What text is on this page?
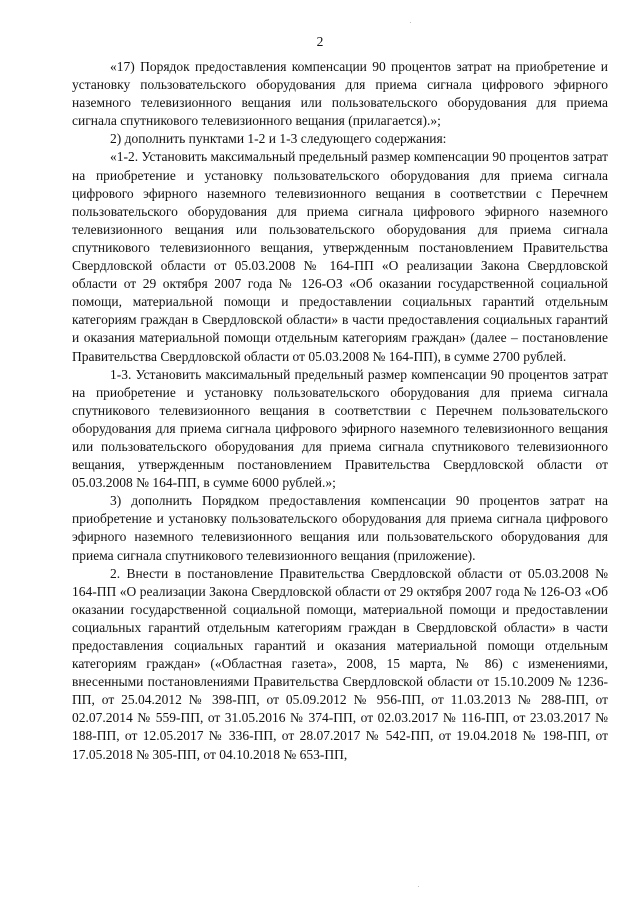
2

«17) Порядок предоставления компенсации 90 процентов затрат на приобретение и установку пользовательского оборудования для приема сигнала цифрового эфирного наземного телевизионного вещания или пользовательского оборудования для приема сигнала спутникового телевизионного вещания (прилагается).»;

2) дополнить пунктами 1-2 и 1-3 следующего содержания:

«1-2. Установить максимальный предельный размер компенсации 90 процентов затрат на приобретение и установку пользовательского оборудования для приема сигнала цифрового эфирного наземного телевизионного вещания в соответствии с Перечнем пользовательского оборудования для приема сигнала цифрового эфирного наземного телевизионного вещания или пользовательского оборудования для приема сигнала спутникового телевизионного вещания, утвержденным постановлением Правительства Свердловской области от 05.03.2008 № 164-ПП «О реализации Закона Свердловской области от 29 октября 2007 года № 126-ОЗ «Об оказании государственной социальной помощи, материальной помощи и предоставлении социальных гарантий отдельным категориям граждан в Свердловской области» в части предоставления социальных гарантий и оказания материальной помощи отдельным категориям граждан» (далее – постановление Правительства Свердловской области от 05.03.2008 № 164-ПП), в сумме 2700 рублей.

1-3. Установить максимальный предельный размер компенсации 90 процентов затрат на приобретение и установку пользовательского оборудования для приема сигнала спутникового телевизионного вещания в соответствии с Перечнем пользовательского оборудования для приема сигнала цифрового эфирного наземного телевизионного вещания или пользовательского оборудования для приема сигнала спутникового телевизионного вещания, утвержденным постановлением Правительства Свердловской области от 05.03.2008 № 164-ПП, в сумме 6000 рублей.»;

3) дополнить Порядком предоставления компенсации 90 процентов затрат на приобретение и установку пользовательского оборудования для приема сигнала цифрового эфирного наземного телевизионного вещания или пользовательского оборудования для приема сигнала спутникового телевизионного вещания (приложение).

2. Внести в постановление Правительства Свердловской области от 05.03.2008 № 164-ПП «О реализации Закона Свердловской области от 29 октября 2007 года № 126-ОЗ «Об оказании государственной социальной помощи, материальной помощи и предоставлении социальных гарантий отдельным категориям граждан в Свердловской области» в части предоставления социальных гарантий и оказания материальной помощи отдельным категориям граждан» («Областная газета», 2008, 15 марта, № 86) с изменениями, внесенными постановлениями Правительства Свердловской области от 15.10.2009 № 1236-ПП, от 25.04.2012 № 398-ПП, от 05.09.2012 № 956-ПП, от 11.03.2013 № 288-ПП, от 02.07.2014 № 559-ПП, от 31.05.2016 № 374-ПП, от 02.03.2017 № 116-ПП, от 23.03.2017 № 188-ПП, от 12.05.2017 № 336-ПП, от 28.07.2017 № 542-ПП, от 19.04.2018 № 198-ПП, от 17.05.2018 № 305-ПП, от 04.10.2018 № 653-ПП,
